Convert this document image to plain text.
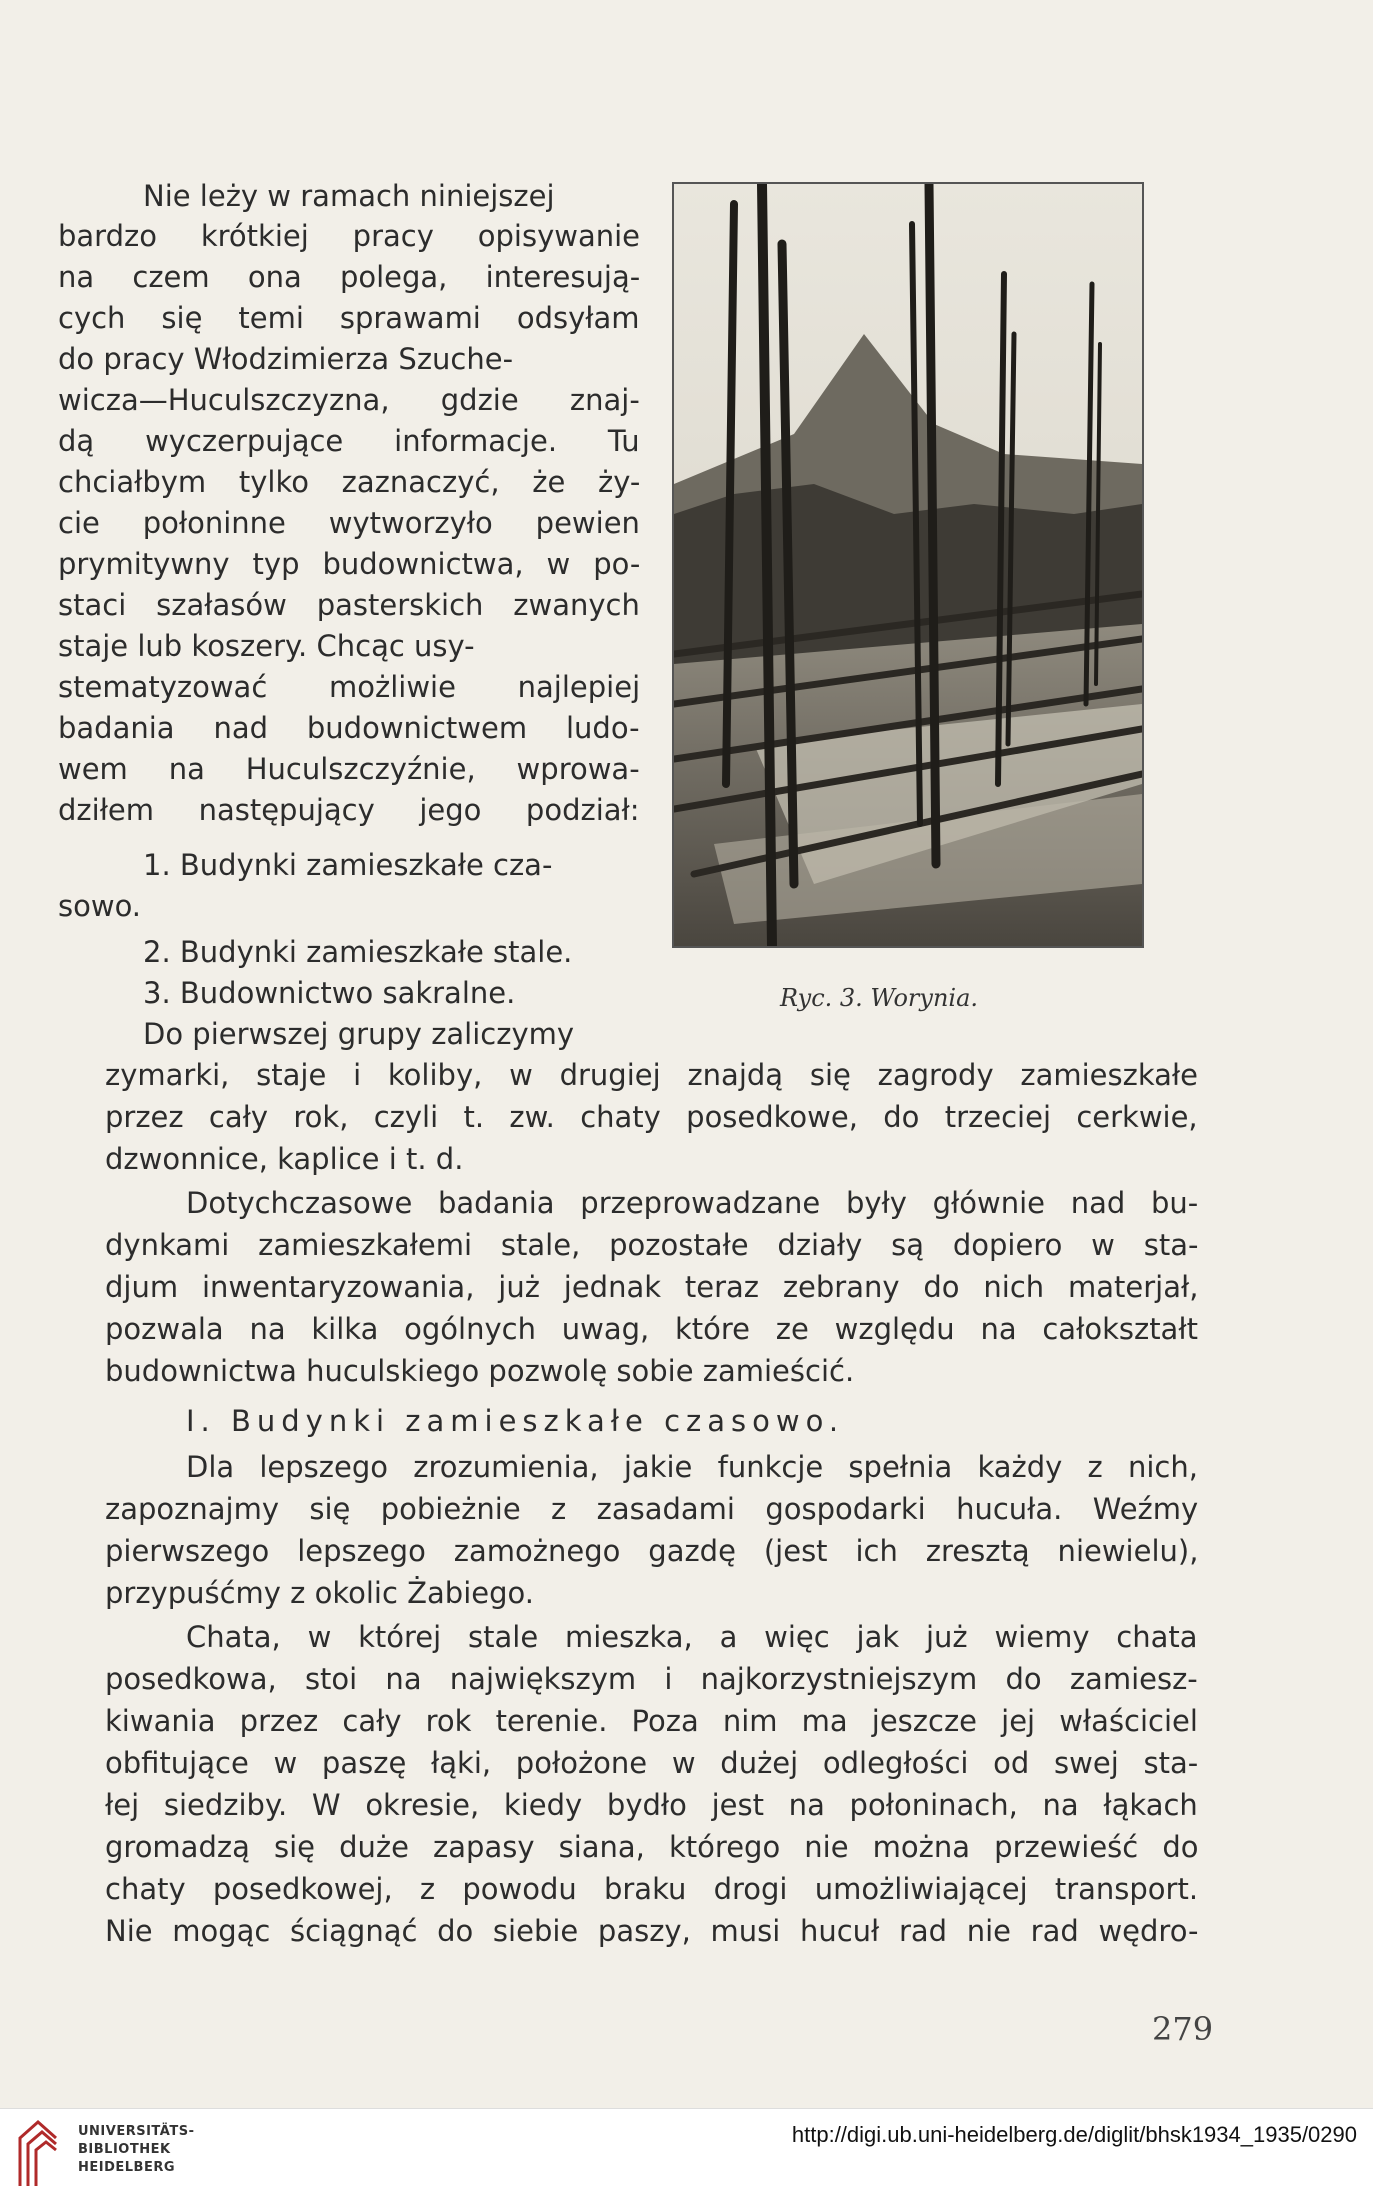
Nie leży w ramach niniejszej
bardzo krótkiej pracy opisywanie
na czem ona polega, interesują-
cych się temi sprawami odsyłam
do pracy Włodzimierza Szuche-
wicza—Huculszczyzna, gdzie znaj-
dą wyczerpujące informacje. Tu
chciałbym tylko zaznaczyć, że ży-
cie połoninne wytworzyło pewien
prymitywny typ budownictwa, w po-
staci szałasów pasterskich zwanych
staje lub koszery. Chcąc usy-
stematyzować możliwie najlepiej
badania nad budownictwem ludo-
wem na Huculszczyźnie, wprowa-
dziłem następujący jego podział:
1. Budynki zamieszkałe cza-
sowo.
2. Budynki zamieszkałe stale.
3. Budownictwo sakralne.
Do pierwszej grupy zaliczymy
Ryc. 3. Worynia.
zymarki, staje i koliby, w drugiej znajdą się zagrody zamieszkałe
przez cały rok, czyli t. zw. chaty posedkowe, do trzeciej cerkwie,
dzwonnice, kaplice i t. d.
Dotychczasowe badania przeprowadzane były głównie nad bu-
dynkami zamieszkałemi stale, pozostałe działy są dopiero w sta-
djum inwentaryzowania, już jednak teraz zebrany do nich materjał,
pozwala na kilka ogólnych uwag, które ze względu na całokształt
budownictwa huculskiego pozwolę sobie zamieścić.
I. Budynki zamieszkałe czasowo.
Dla lepszego zrozumienia, jakie funkcje spełnia każdy z nich,
zapoznajmy się pobieżnie z zasadami gospodarki hucuła. Weźmy
pierwszego lepszego zamożnego gazdę (jest ich zresztą niewielu),
przypuśćmy z okolic Żabiego.
Chata, w której stale mieszka, a więc jak już wiemy chata
posedkowa, stoi na największym i najkorzystniejszym do zamiesz-
kiwania przez cały rok terenie. Poza nim ma jeszcze jej właściciel
obfitujące w paszę łąki, położone w dużej odległości od swej sta-
łej siedziby. W okresie, kiedy bydło jest na połoninach, na łąkach
gromadzą się duże zapasy siana, którego nie można przewieść do
chaty posedkowej, z powodu braku drogi umożliwiającej transport.
Nie mogąc ściągnąć do siebie paszy, musi hucuł rad nie rad wędro-
279
UNIVERSITÄTS-
BIBLIOTHEK
HEIDELBERG
http://digi.ub.uni-heidelberg.de/diglit/bhsk1934_1935/0290
